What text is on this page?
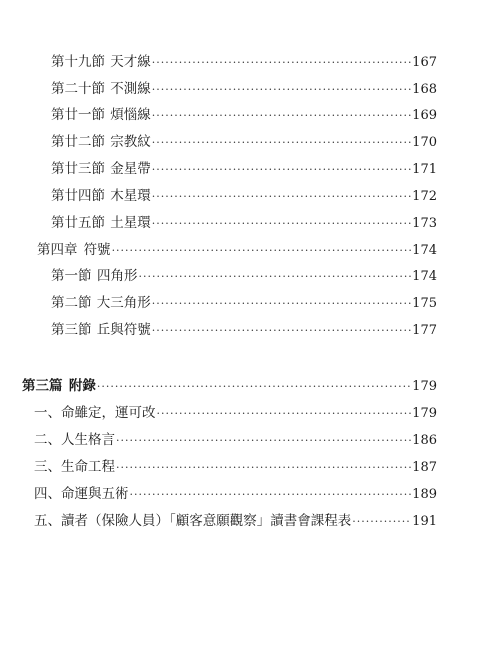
第十九節 天才線 ·····	167
第二十節 不測線 ·····	168
第廿一節 煩惱線 ·····	169
第廿二節 宗教紋 ·····	170
第廿三節 金星帶 ·····	171
第廿四節 木星環 ·····	172
第廿五節 土星環 ·····	173
第四章 符號 ·····	174
第一節 四角形 ·····	174
第二節 大三角形 ·····	175
第三節 丘與符號 ·····	177
第三篇 附錄 ·····	179
一、命雖定，運可改 ·····	179
二、人生格言 ·····	186
三、生命工程 ·····	187
四、命運與五術 ·····	189
五、讀者（保險人員）「顧客意願觀察」讀書會課程表 ·····	191
